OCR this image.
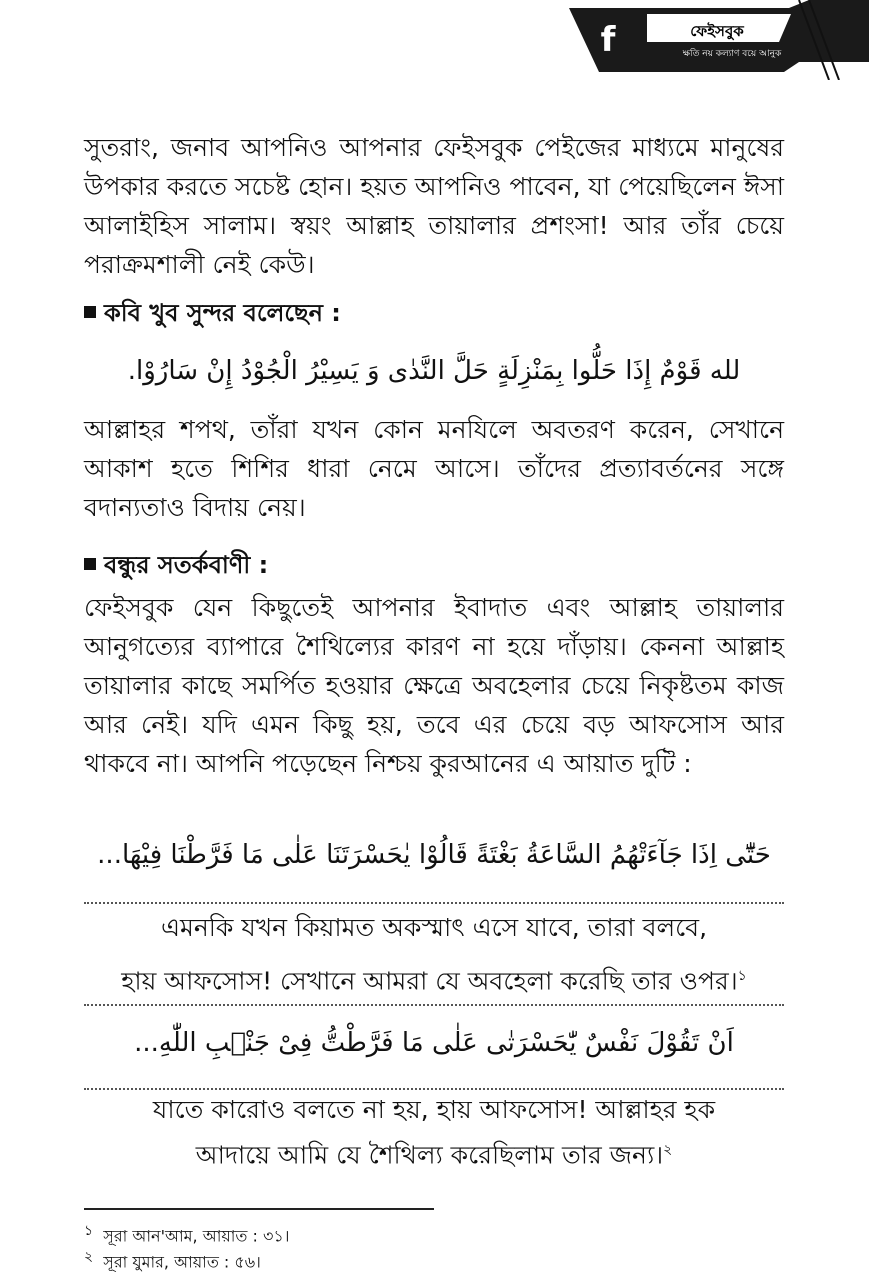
f	ফেইসবুক
ক্ষতি নয় কল্যাণ বয়ে আনুক
সুতরাং, জনাব আপনিও আপনার ফেইসবুক পেইজের মাধ্যমে মানুষের উপকার করতে সচেষ্ট হোন। হয়ত আপনিও পাবেন, যা পেয়েছিলেন ঈসা আলাইহিস সালাম। স্বয়ং আল্লাহ তায়ালার প্রশংসা! আর তাঁর চেয়ে পরাক্রমশালী নেই কেউ।
কবি খুব সুন্দর বলেছেন :
لله قَوْمٌ إِذَا حَلُّوا بِمَنْزِلَةٍ حَلَّ النَّدٰى وَ يَسِيْرُ الْجُوْدُ إِنْ سَارُوْا.
আল্লাহর শপথ, তাঁরা যখন কোন মনযিলে অবতরণ করেন, সেখানে আকাশ হতে শিশির ধারা নেমে আসে। তাঁদের প্রত্যাবর্তনের সঙ্গে বদান্যতাও বিদায় নেয়।
বন্ধুর সতর্কবাণী :
ফেইসবুক যেন কিছুতেই আপনার ইবাদাত এবং আল্লাহ তায়ালার আনুগত্যের ব্যাপারে শৈথিল্যের কারণ না হয়ে দাঁড়ায়। কেননা আল্লাহ তায়ালার কাছে সমর্পিত হওয়ার ক্ষেত্রে অবহেলার চেয়ে নিকৃষ্টতম কাজ আর নেই। যদি এমন কিছু হয়, তবে এর চেয়ে বড় আফসোস আর থাকবে না। আপনি পড়েছেন নিশ্চয় কুরআনের এ আয়াত দুটি :
حَتّٰٓى اِذَا جَآءَتْهُمُ السَّاعَةُ بَغْتَةً قَالُوْا يٰحَسْرَتَنَا عَلٰى مَا فَرَّطْنَا فِيْهَا...
এমনকি যখন কিয়ামত অকস্মাৎ এসে যাবে, তারা বলবে,
হায় আফসোস! সেখানে আমরা যে অবহেলা করেছি তার ওপর।$^১$
اَنْ تَقُوْلَ نَفْسٌ يّٰحَسْرَتٰى عَلٰى مَا فَرَّطْتُّ فِىْ جَنْۢبِ اللّٰهِ...
যাতে কারোও বলতে না হয়, হায় আফসোস! আল্লাহর হক
আদায়ে আমি যে শৈথিল্য করেছিলাম তার জন্য।$^২$
$^১$ সূরা আন'আম, আয়াত : ৩১।
$^২$ সূরা যুমার, আয়াত : ৫৬।
